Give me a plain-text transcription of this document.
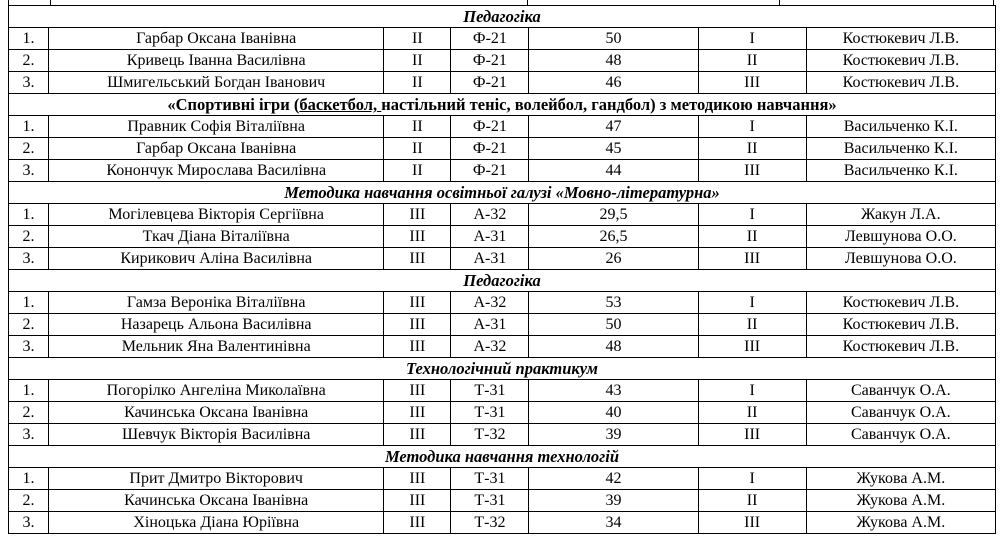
Педагогіка						
1.	Гарбар Оксана Іванівна	ІІ	Ф-21	50	І	Костюкевич Л.В.
2.	Кривець Іванна Василівна	ІІ	Ф-21	48	ІІ	Костюкевич Л.В.
3.	Шмигельський Богдан Іванович	ІІ	Ф-21	46	ІІІ	Костюкевич Л.В.
«Спортивні ігри (баскетбол, настільний теніс, волейбол, гандбол) з методикою навчання»						
1.	Правник Софія Віталіївна	ІІ	Ф-21	47	І	Васильченко К.І.
2.	Гарбар Оксана Іванівна	ІІ	Ф-21	45	ІІ	Васильченко К.І.
3.	Конончук Мирослава Василівна	ІІ	Ф-21	44	ІІІ	Васильченко К.І.
Методика навчання освітньої галузі «Мовно-літературна»						
1.	Могілевцева Вікторія Сергіївна	ІІІ	А-32	29,5	І	Жакун Л.А.
2.	Ткач Діана Віталіївна	ІІІ	А-31	26,5	ІІ	Левшунова О.О.
3.	Кирикович Аліна Василівна	ІІІ	А-31	26	ІІІ	Левшунова О.О.
Педагогіка						
1.	Гамза Вероніка Віталіївна	ІІІ	А-32	53	І	Костюкевич Л.В.
2.	Назарець Альона Василівна	ІІІ	А-31	50	ІІ	Костюкевич Л.В.
3.	Мельник Яна Валентинівна	ІІІ	А-32	48	ІІІ	Костюкевич Л.В.
Технологічний практикум						
1.	Погорілко Ангеліна Миколаївна	ІІІ	Т-31	43	І	Саванчук О.А.
2.	Качинська Оксана Іванівна	ІІІ	Т-31	40	ІІ	Саванчук О.А.
3.	Шевчук Вікторія Василівна	ІІІ	Т-32	39	ІІІ	Саванчук О.А.
Методика навчання технологій						
1.	Прит Дмитро Вікторович	ІІІ	Т-31	42	І	Жукова А.М.
2.	Качинська Оксана Іванівна	ІІІ	Т-31	39	ІІ	Жукова А.М.
3.	Хіноцька Діана Юріївна	ІІІ	Т-32	34	ІІІ	Жукова А.М.
